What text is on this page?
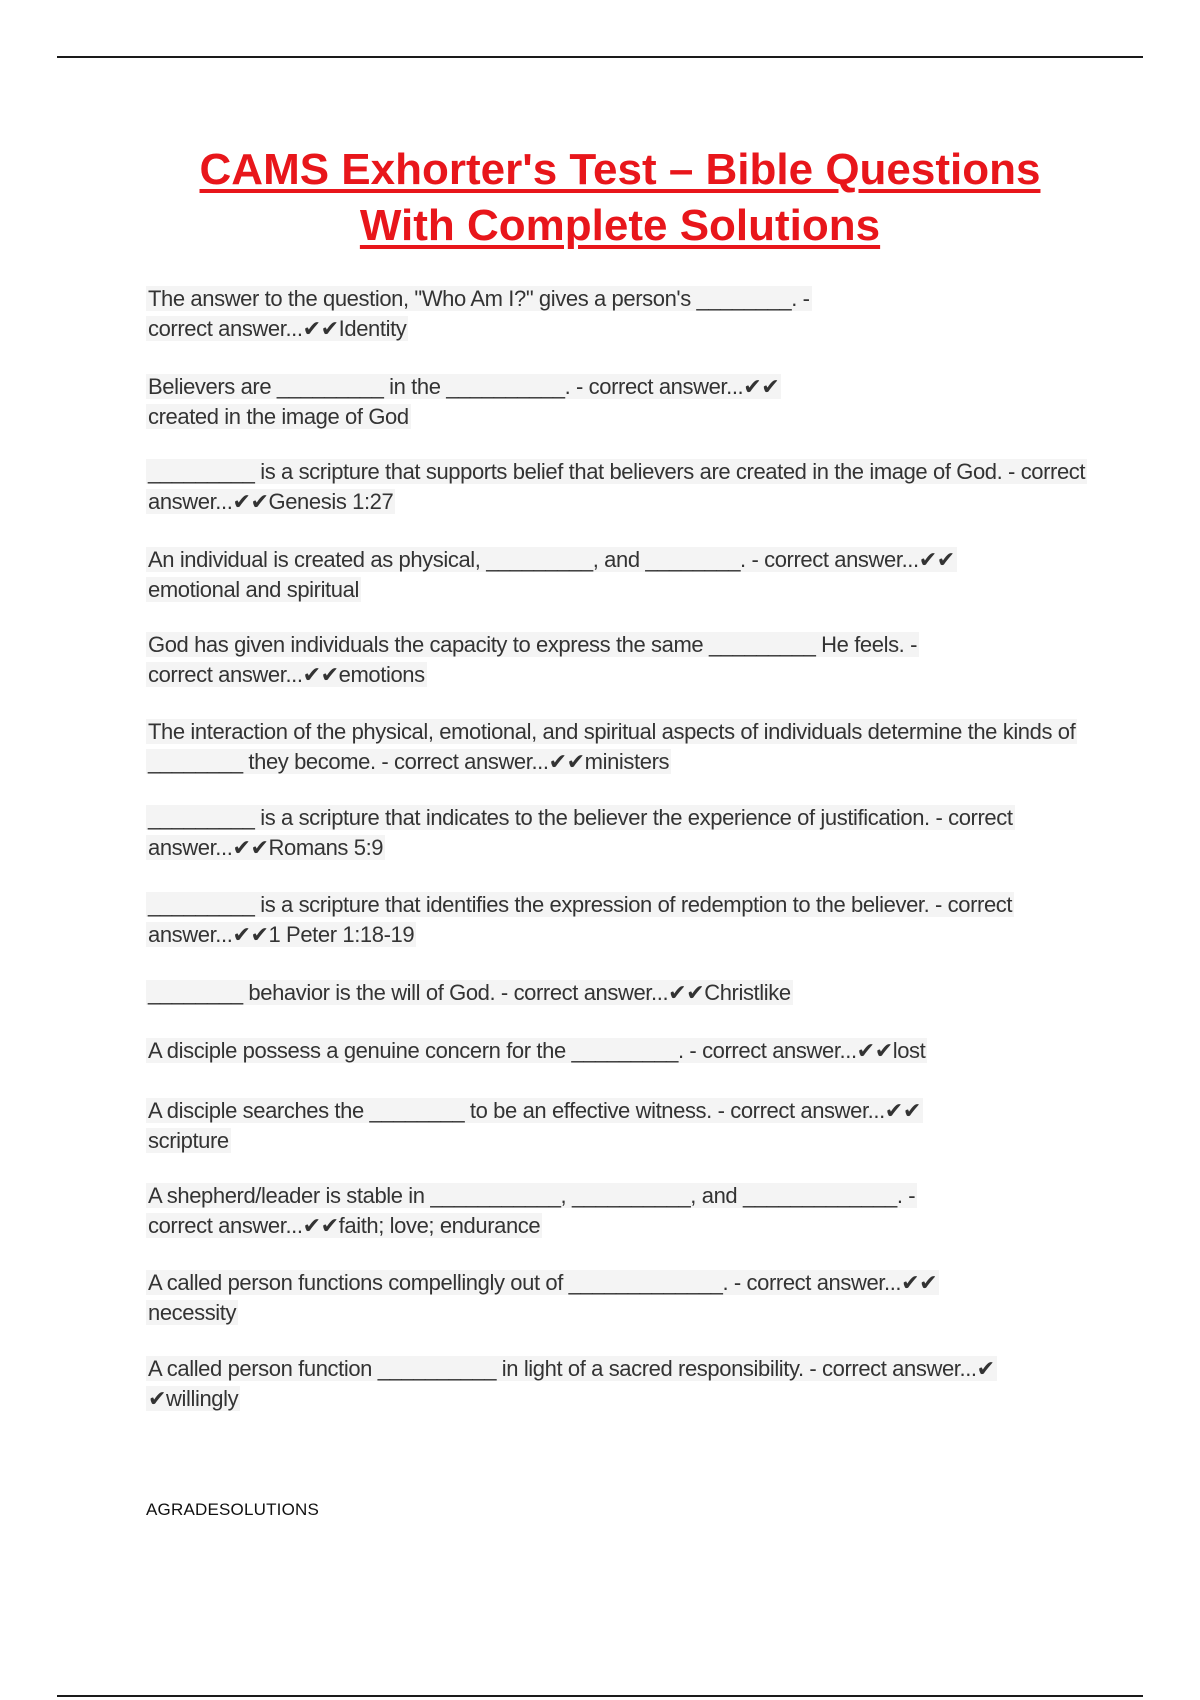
CAMS Exhorter's Test – Bible Questions
With Complete Solutions
The answer to the question, "Who Am I?" gives a person's ________. - correct answer...✔✔Identity
Believers are _________ in the __________. - correct answer...✔✔ created in the image of God
_________ is a scripture that supports belief that believers are created in the image of God. - correct answer...✔✔Genesis 1:27
An individual is created as physical, _________, and ________. - correct answer...✔✔ emotional and spiritual
God has given individuals the capacity to express the same _________ He feels. - correct answer...✔✔emotions
The interaction of the physical, emotional, and spiritual aspects of individuals determine the kinds of ________ they become. - correct answer...✔✔ministers
_________ is a scripture that indicates to the believer the experience of justification. - correct answer...✔✔Romans 5:9
_________ is a scripture that identifies the expression of redemption to the believer. - correct answer...✔✔1 Peter 1:18-19
________ behavior is the will of God. - correct answer...✔✔Christlike
A disciple possess a genuine concern for the _________. - correct answer...✔✔lost
A disciple searches the ________ to be an effective witness. - correct answer...✔✔ scripture
A shepherd/leader is stable in ___________, __________, and _____________. - correct answer...✔✔faith; love; endurance
A called person functions compellingly out of _____________. - correct answer...✔✔ necessity
A called person function __________ in light of a sacred responsibility. - correct answer...✔ ✔willingly
AGRADESOLUTIONS
